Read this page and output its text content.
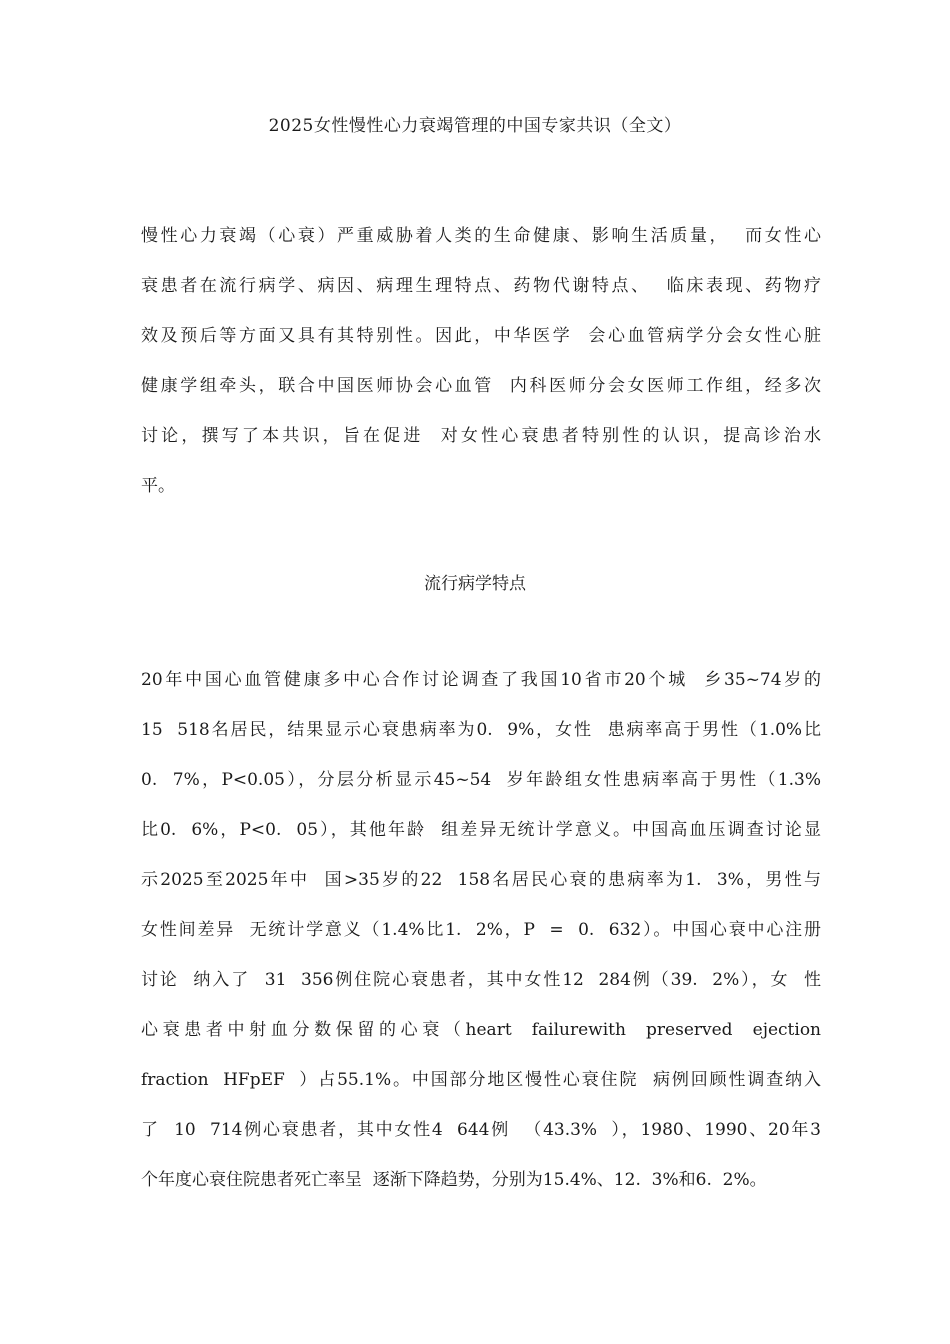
2025女性慢性心力衰竭管理的中国专家共识（全文）
慢性心力衰竭（心衰）严重威胁着人类的生命健康、影响生活质量，  而女性心
衰患者在流行病学、病因、病理生理特点、药物代谢特点、  临床表现、药物疗
效及预后等方面又具有其特别性。因此，中华医学  会心血管病学分会女性心脏
健康学组牵头，联合中国医师协会心血管  内科医师分会女医师工作组，经多次
讨论，撰写了本共识，旨在促进  对女性心衰患者特别性的认识，提高诊治水
平。
流行病学特点
20年中国心血管健康多中心合作讨论调查了我国10省市20个城  乡35~74岁的
15  518名居民，结果显示心衰患病率为0.  9%，女性  患病率高于男性（1.0%比
0.  7%，P<0.05），分层分析显示45~54  岁年龄组女性患病率高于男性（1.3%
比0.  6%，P<0.  05），其他年龄  组差异无统计学意义。中国高血压调查讨论显
示2025至2025年中  国>35岁的22  158名居民心衰的患病率为1.  3%，男性与
女性间差异  无统计学意义（1.4%比1.  2%，P  =  0.  632）。中国心衰中心注册
讨论  纳入了  31  356例住院心衰患者，其中女性12  284例（39.  2%），女  性
心衰患者中射血分数保留的心衰（heart  failurewith  preserved  ejection
fraction  HFpEF  ）占55.1%。中国部分地区慢性心衰住院  病例回顾性调查纳入
了  10  714例心衰患者，其中女性4  644例  （43.3%  ），1980、1990、20年3
个年度心衰住院患者死亡率呈  逐渐下降趋势，分别为15.4%、12.  3%和6.  2%。
